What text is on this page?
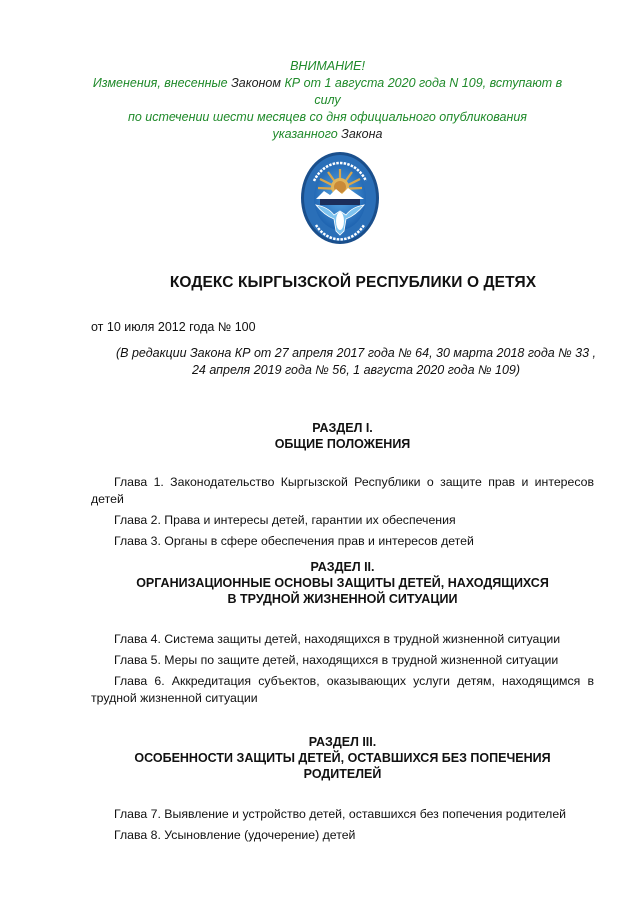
ВНИМАНИЕ!
Изменения, внесенные Законом КР от 1 августа 2020 года N 109, вступают в силу
по истечении шести месяцев со дня официального опубликования
указанного Закона
КОДЕКС КЫРГЫЗСКОЙ РЕСПУБЛИКИ О ДЕТЯХ
от 10 июля 2012 года № 100
(В редакции Закона КР от 27 апреля 2017 года № 64, 30 марта 2018 года № 33 , 24 апреля 2019 года № 56, 1 августа 2020 года № 109)
РАЗДЕЛ I.
ОБЩИЕ ПОЛОЖЕНИЯ
Глава 1. Законодательство Кыргызской Республики о защите прав и интересов детей
Глава 2. Права и интересы детей, гарантии их обеспечения
Глава 3. Органы в сфере обеспечения прав и интересов детей
РАЗДЕЛ II.
ОРГАНИЗАЦИОННЫЕ ОСНОВЫ ЗАЩИТЫ ДЕТЕЙ, НАХОДЯЩИХСЯ
В ТРУДНОЙ ЖИЗНЕННОЙ СИТУАЦИИ
Глава 4. Система защиты детей, находящихся в трудной жизненной ситуации
Глава 5. Меры по защите детей, находящихся в трудной жизненной ситуации
Глава 6. Аккредитация субъектов, оказывающих услуги детям, находящимся в трудной жизненной ситуации
РАЗДЕЛ III.
ОСОБЕННОСТИ ЗАЩИТЫ ДЕТЕЙ, ОСТАВШИХСЯ БЕЗ ПОПЕЧЕНИЯ
РОДИТЕЛЕЙ
Глава 7. Выявление и устройство детей, оставшихся без попечения родителей
Глава 8. Усыновление (удочерение) детей
